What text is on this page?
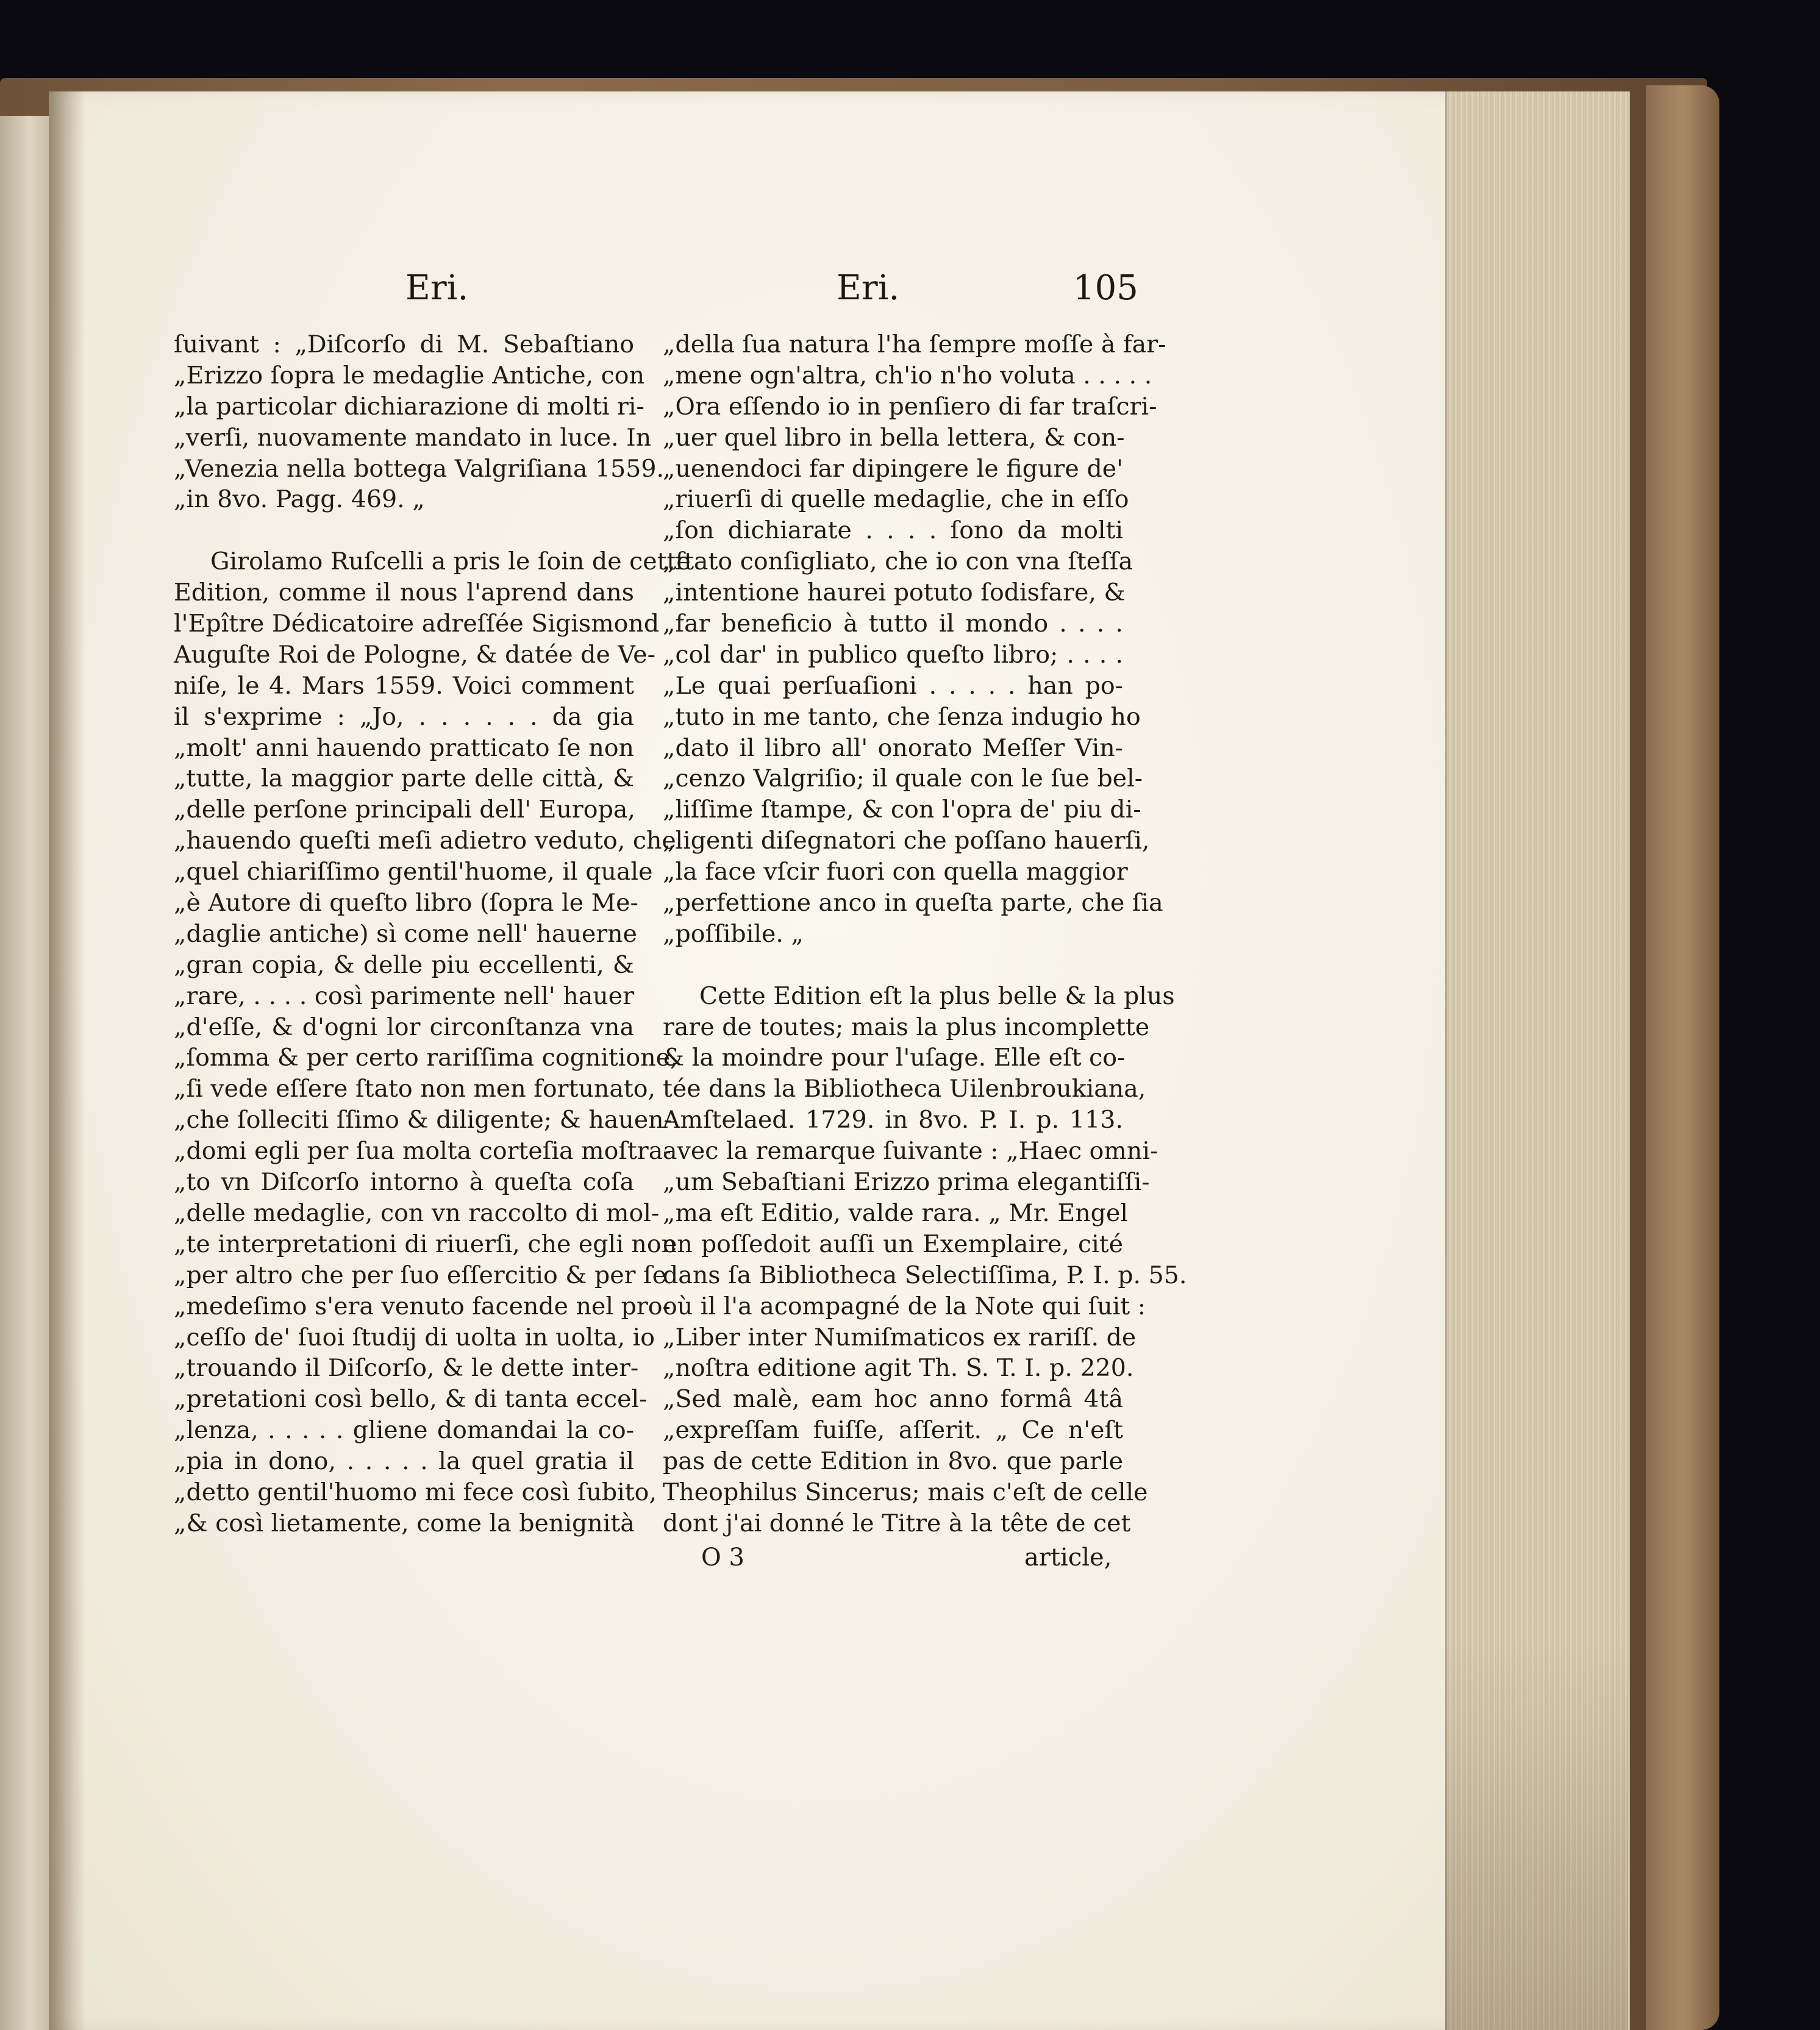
Eri.	Eri.	105
ſuivant : „Diſcorſo di M. Sebaſtiano
„Erizzo ſopra le medaglie Antiche, con
„la particolar dichiarazione di molti ri-
„verſi, nuovamente mandato in luce. In
„Venezia nella bottega Valgriſiana 1559.
„in 8vo. Pagg. 469. „
Girolamo Ruſcelli a pris le ſoin de cette
Edition, comme il nous l'aprend dans
l'Epître Dédicatoire adreſſée Sigismond
Auguſte Roi de Pologne, & datée de Ve-
niſe, le 4. Mars 1559. Voici comment
il s'exprime : „Jo, . . . . . . da gia
„molt' anni hauendo pratticato ſe non
„tutte, la maggior parte delle città, &
„delle perſone principali dell' Europa,
„hauendo queſti meſi adietro veduto, che
„quel chiariſſimo gentil'huome, il quale
„è Autore di queſto libro (ſopra le Me-
„daglie antiche) sì come nell' hauerne
„gran copia, & delle piu eccellenti, &
„rare, . . . . così parimente nell' hauer
„d'eſſe, & d'ogni lor circonſtanza vna
„ſomma & per certo rariſſima cognitione,
„ſi vede eſſere ſtato non men fortunato,
„che ſolleciti ſſimo & diligente; & hauen-
„domi egli per ſua molta corteſia moſtra-
„to vn Diſcorſo intorno à queſta coſa
„delle medaglie, con vn raccolto di mol-
„te interpretationi di riuerſi, che egli non
„per altro che per ſuo eſſercitio & per ſe
„medeſimo s'era venuto facende nel pro-
„ceſſo de' ſuoi ſtudij di uolta in uolta, io
„trouando il Diſcorſo, & le dette inter-
„pretationi così bello, & di tanta eccel-
„lenza, . . . . . gliene domandai la co-
„pia in dono, . . . . . la quel gratia il
„detto gentil'huomo mi fece così ſubito,
„& così lietamente, come la benignità
„della ſua natura l'ha ſempre moſſe à far-
„mene ogn'altra, ch'io n'ho voluta . . . . .
„Ora eſſendo io in penſiero di far traſcri-
„uer quel libro in bella lettera, & con-
„uenendoci far dipingere le figure de'
„riuerſi di quelle medaglie, che in eſſo
„ſon dichiarate . . . . ſono da molti
„ſtato conſigliato, che io con vna ſteſſa
„intentione haurei potuto ſodisfare, &
„far beneficio à tutto il mondo . . . .
„col dar' in publico queſto libro; . . . .
„Le quai perſuaſioni . . . . . han po-
„tuto in me tanto, che ſenza indugio ho
„dato il libro all' onorato Meſſer Vin-
„cenzo Valgriſio; il quale con le ſue bel-
„liſſime ſtampe, & con l'opra de' piu di-
„ligenti diſegnatori che poſſano hauerſi,
„la face vſcir fuori con quella maggior
„perfettione anco in queſta parte, che ſia
„poſſibile. „
Cette Edition eſt la plus belle & la plus
rare de toutes; mais la plus incomplette
& la moindre pour l'uſage. Elle eſt co-
tée dans la Bibliotheca Uilenbroukiana,
Amſtelaed. 1729. in 8vo. P. I. p. 113.
avec la remarque ſuivante : „Haec omni-
„um Sebaſtiani Erizzo prima elegantiſſi-
„ma eſt Editio, valde rara. „ Mr. Engel
en poſſedoit auſſi un Exemplaire, cité
dans ſa Bibliotheca Selectiſſima, P. I. p. 55.
où il l'a acompagné de la Note qui ſuit :
„Liber inter Numiſmaticos ex rariſſ. de
„noſtra editione agit Th. S. T. I. p. 220.
„Sed malè, eam hoc anno formâ 4tâ
„expreſſam fuiſſe, aſſerit. „ Ce n'eſt
pas de cette Edition in 8vo. que parle
Theophilus Sincerus; mais c'eſt de celle
dont j'ai donné le Titre à la tête de cet
O 3	article,
